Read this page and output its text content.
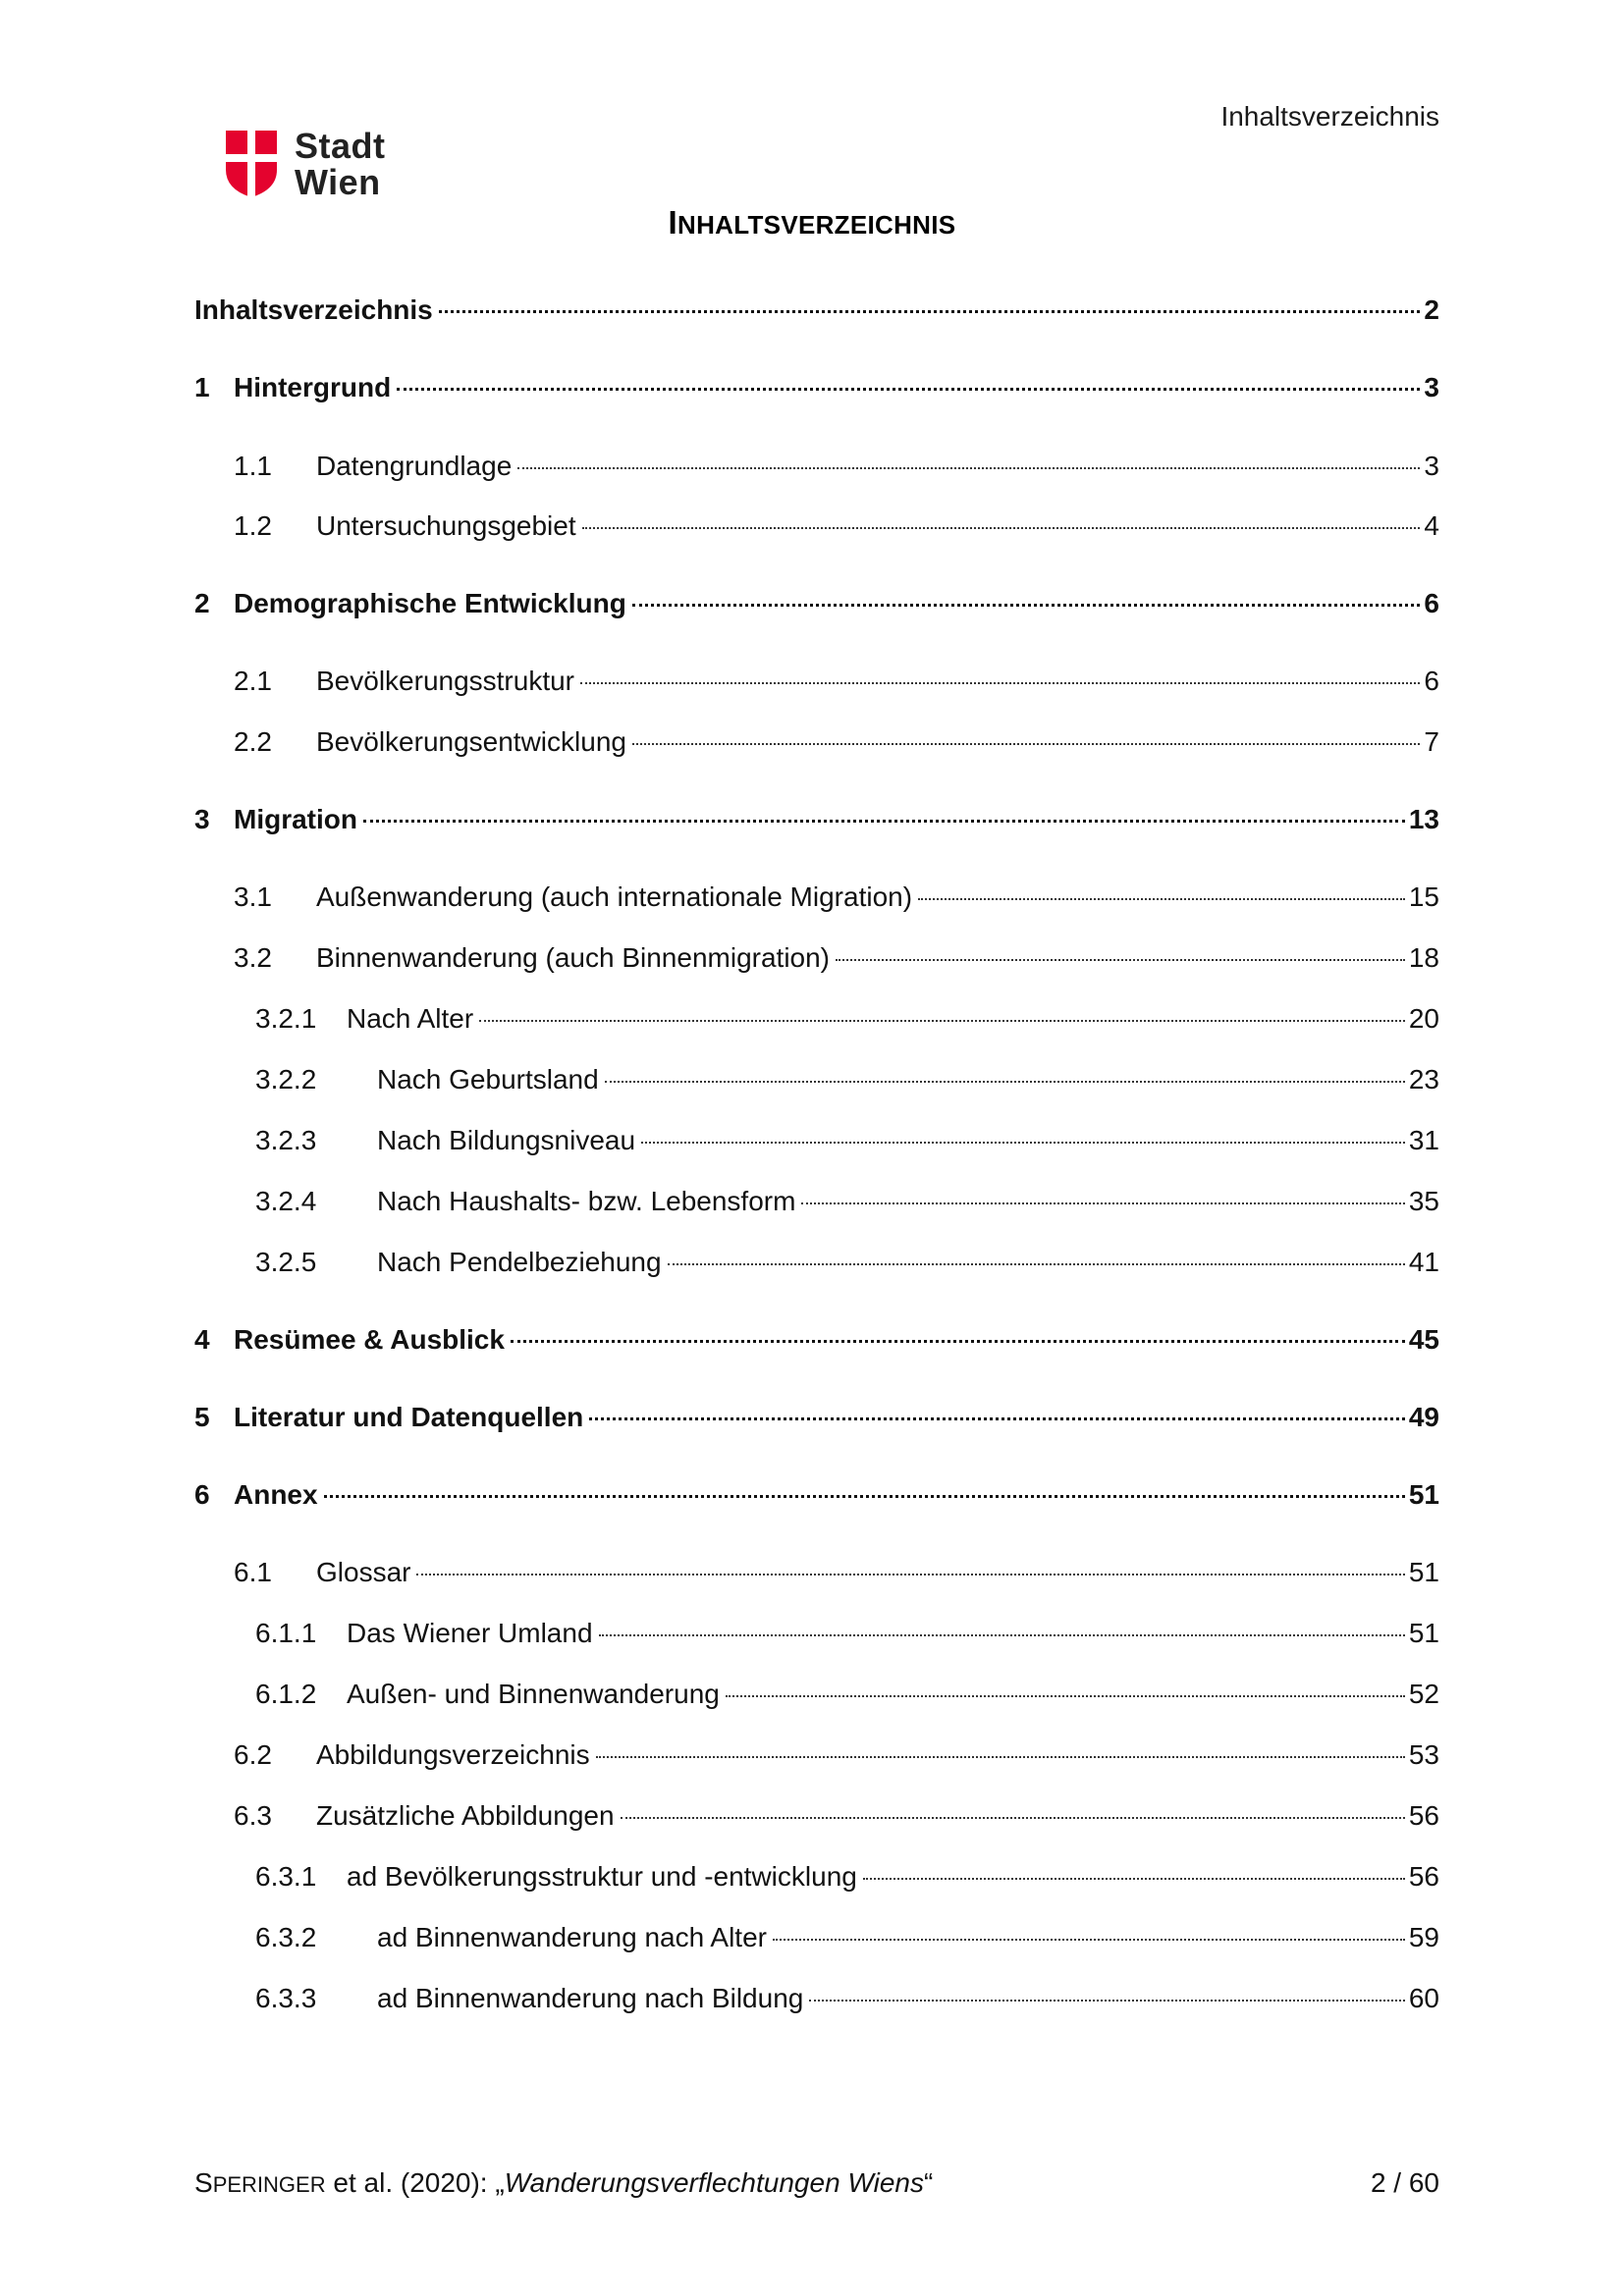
Inhaltsverzeichnis
Stadt
Wien
INHALTSVERZEICHNIS
Inhaltsverzeichnis	2
1 Hintergrund	3
1.1	Datengrundlage	3
1.2	Untersuchungsgebiet	4
2 Demographische Entwicklung	6
2.1	Bevölkerungsstruktur	6
2.2	Bevölkerungsentwicklung	7
3 Migration	13
3.1	Außenwanderung (auch internationale Migration)	15
3.2	Binnenwanderung (auch Binnenmigration)	18
3.2.1	Nach Alter	20
3.2.2	Nach Geburtsland	23
3.2.3	Nach Bildungsniveau	31
3.2.4	Nach Haushalts- bzw. Lebensform	35
3.2.5	Nach Pendelbeziehung	41
4 Resümee & Ausblick	45
5 Literatur und Datenquellen	49
6 Annex	51
6.1	Glossar	51
6.1.1	Das Wiener Umland	51
6.1.2	Außen- und Binnenwanderung	52
6.2	Abbildungsverzeichnis	53
6.3	Zusätzliche Abbildungen	56
6.3.1	ad Bevölkerungsstruktur und -entwicklung	56
6.3.2	ad Binnenwanderung nach Alter	59
6.3.3	ad Binnenwanderung nach Bildung	60
SPERINGER et al. (2020): „Wanderungsverflechtungen Wiens“	2 / 60
